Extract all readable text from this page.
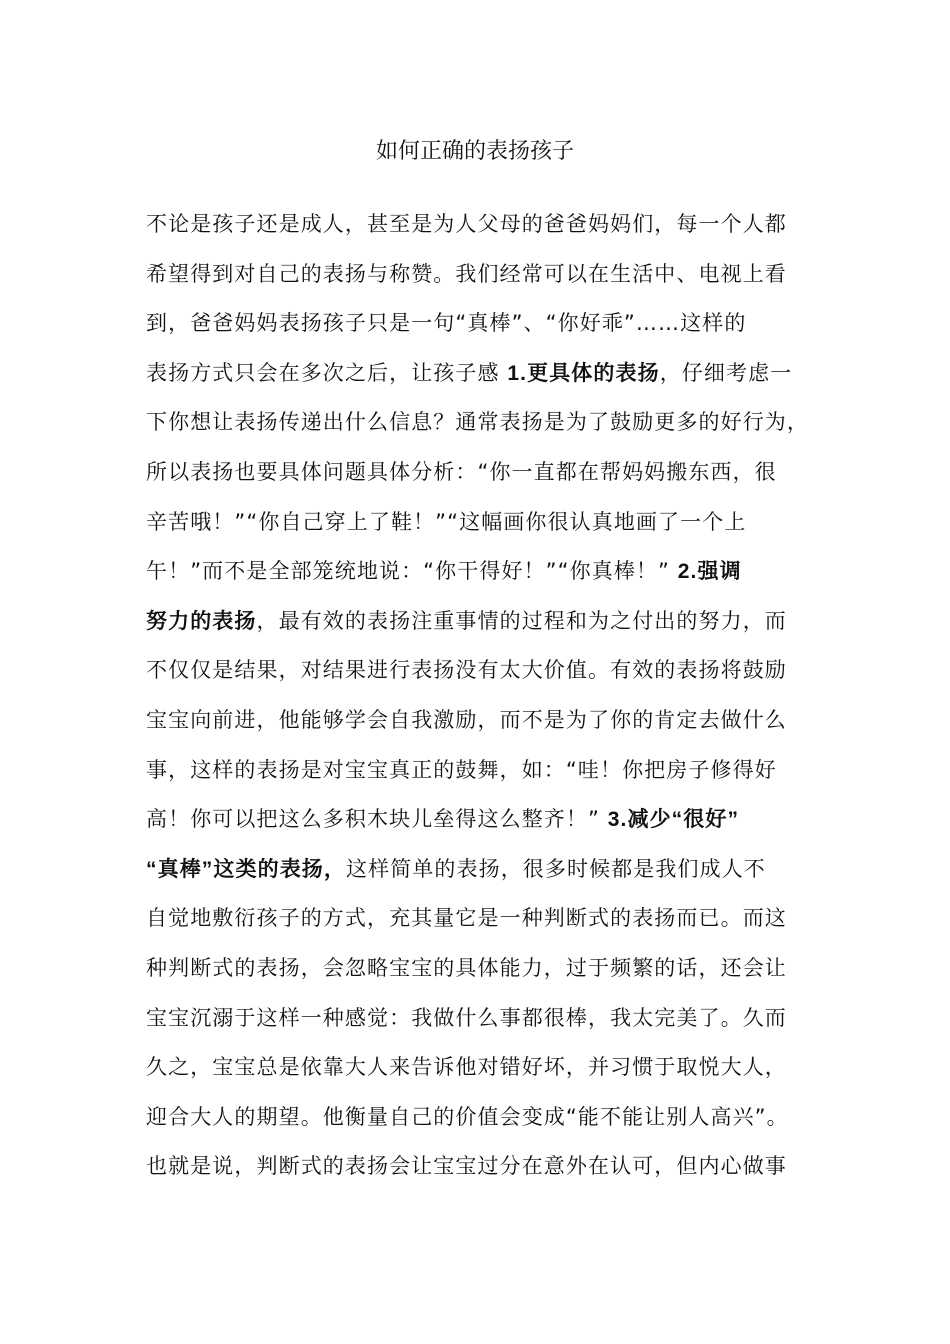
如何正确的表扬孩子
不论是孩子还是成人，甚至是为人父母的爸爸妈妈们，每一个人都
希望得到对自己的表扬与称赞。我们经常可以在生活中、电视上看
到，爸爸妈妈表扬孩子只是一句“真棒”、“你好乖”……这样的
表扬方式只会在多次之后，让孩子感 1.更具体的表扬，仔细考虑一
下你想让表扬传递出什么信息？通常表扬是为了鼓励更多的好行为，
所以表扬也要具体问题具体分析：“你一直都在帮妈妈搬东西，很
辛苦哦！”“你自己穿上了鞋！”“这幅画你很认真地画了一个上
午！”而不是全部笼统地说：“你干得好！”“你真棒！” 2.强调
努力的表扬，最有效的表扬注重事情的过程和为之付出的努力，而
不仅仅是结果，对结果进行表扬没有太大价值。有效的表扬将鼓励
宝宝向前进，他能够学会自我激励，而不是为了你的肯定去做什么
事，这样的表扬是对宝宝真正的鼓舞，如：“哇！你把房子修得好
高！你可以把这么多积木块儿垒得这么整齐！” 3.减少“很好”
“真棒”这类的表扬，这样简单的表扬，很多时候都是我们成人不
自觉地敷衍孩子的方式，充其量它是一种判断式的表扬而已。而这
种判断式的表扬，会忽略宝宝的具体能力，过于频繁的话，还会让
宝宝沉溺于这样一种感觉：我做什么事都很棒，我太完美了。久而
久之，宝宝总是依靠大人来告诉他对错好坏，并习惯于取悦大人，
迎合大人的期望。他衡量自己的价值会变成“能不能让别人高兴”。
也就是说，判断式的表扬会让宝宝过分在意外在认可，但内心做事
